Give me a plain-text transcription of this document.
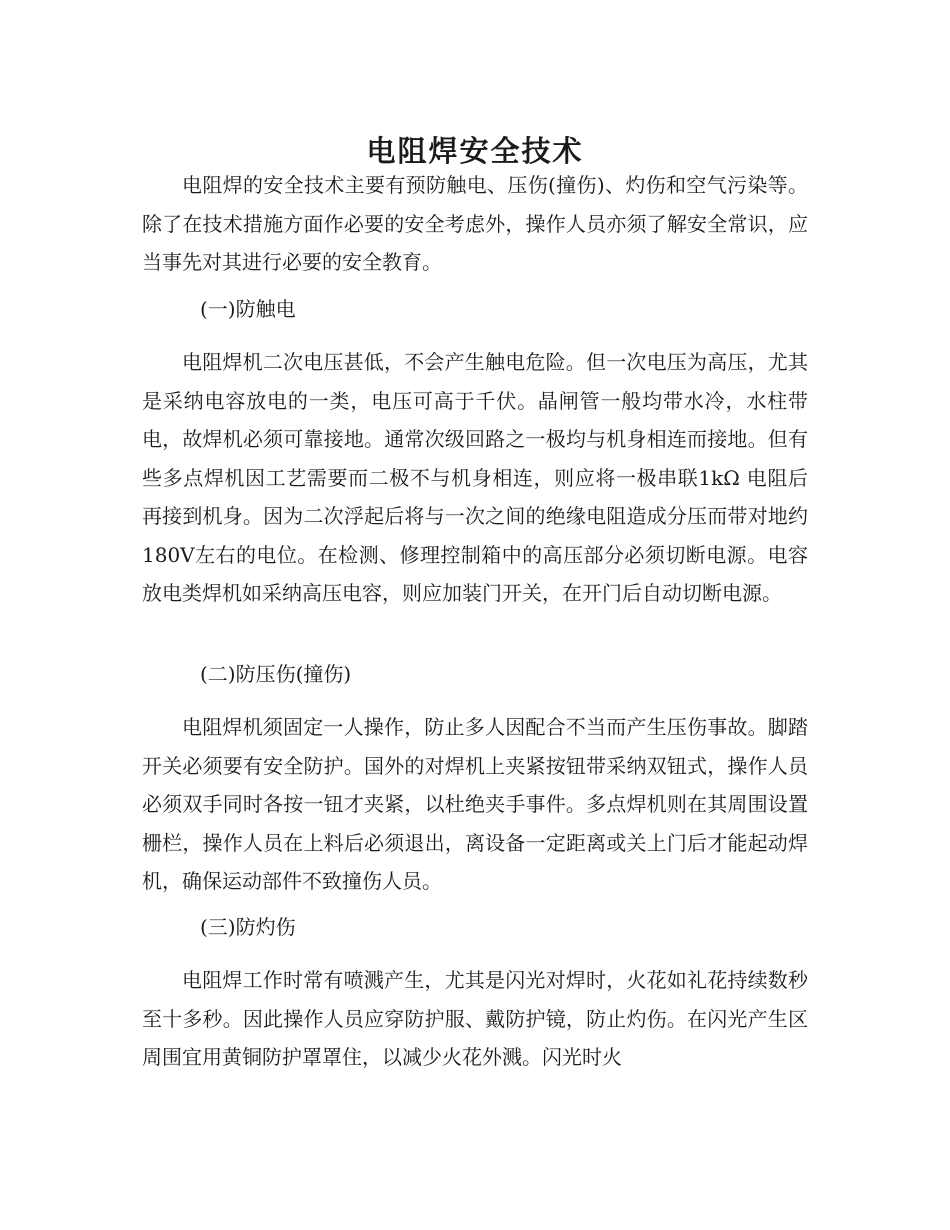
电阻焊安全技术

电阻焊的安全技术主要有预防触电、压伤(撞伤)、灼伤和空气污染等。除了在技术措施方面作必要的安全考虑外，操作人员亦须了解安全常识，应当事先对其进行必要的安全教育。

(一)防触电

电阻焊机二次电压甚低，不会产生触电危险。但一次电压为高压，尤其是采纳电容放电的一类，电压可高于千伏。晶闸管一般均带水冷，水柱带电，故焊机必须可靠接地。通常次级回路之一极均与机身相连而接地。但有些多点焊机因工艺需要而二极不与机身相连，则应将一极串联1kΩ 电阻后再接到机身。因为二次浮起后将与一次之间的绝缘电阻造成分压而带对地约180V左右的电位。在检测、修理控制箱中的高压部分必须切断电源。电容放电类焊机如采纳高压电容，则应加装门开关，在开门后自动切断电源。

(二)防压伤(撞伤)

电阻焊机须固定一人操作，防止多人因配合不当而产生压伤事故。脚踏开关必须要有安全防护。国外的对焊机上夹紧按钮带采纳双钮式，操作人员必须双手同时各按一钮才夹紧，以杜绝夹手事件。多点焊机则在其周围设置栅栏，操作人员在上料后必须退出，离设备一定距离或关上门后才能起动焊机，确保运动部件不致撞伤人员。

(三)防灼伤

电阻焊工作时常有喷溅产生，尤其是闪光对焊时，火花如礼花持续数秒至十多秒。因此操作人员应穿防护服、戴防护镜，防止灼伤。在闪光产生区周围宜用黄铜防护罩罩住，以减少火花外溅。闪光时火
